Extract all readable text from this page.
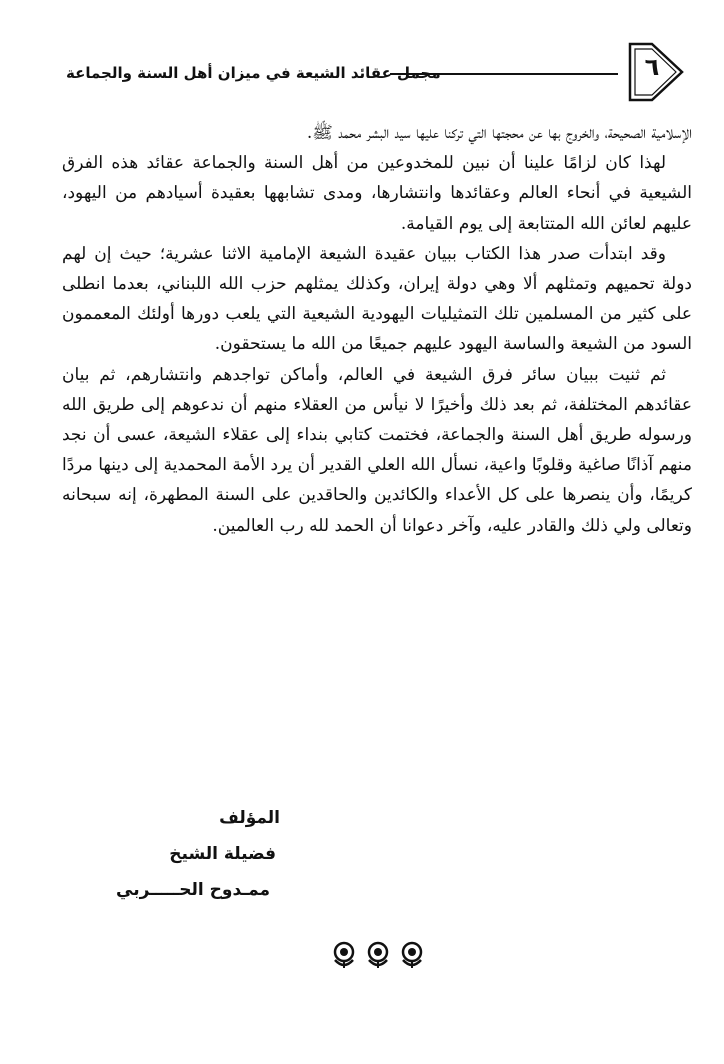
مجمل عقائد الشيعة في ميزان أهل السنة والجماعة	٦

الإسلامية الصحيحة، والخروج بها عن محجتها التي تركنا عليها سيد البشر محمد ﷺ.

لهذا كان لزامًا علينا أن نبين للمخدوعين من أهل السنة والجماعة عقائد هذه الفرق الشيعية في أنحاء العالم وعقائدها وانتشارها، ومدى تشابهها بعقيدة أسيادهم من اليهود، عليهم لعائن الله المتتابعة إلى يوم القيامة.

وقد ابتدأت صدر هذا الكتاب ببيان عقيدة الشيعة الإمامية الاثنا عشرية؛ حيث إن لهم دولة تحميهم وتمثلهم ألا وهي دولة إيران، وكذلك يمثلهم حزب الله اللبناني، بعدما انطلى على كثير من المسلمين تلك التمثيليات اليهودية الشيعية التي يلعب دورها أولئك المعممون السود من الشيعة والساسة اليهود عليهم جميعًا من الله ما يستحقون.

ثم ثنيت ببيان سائر فرق الشيعة في العالم، وأماكن تواجدهم وانتشارهم، ثم بيان عقائدهم المختلفة، ثم بعد ذلك وأخيرًا لا نيأس من العقلاء منهم أن ندعوهم إلى طريق الله ورسوله طريق أهل السنة والجماعة، فختمت كتابي بنداء إلى عقلاء الشيعة، عسى أن نجد منهم آذانًا صاغية وقلوبًا واعية، نسأل الله العلي القدير أن يرد الأمة المحمدية إلى دينها مردًا كريمًا، وأن ينصرها على كل الأعداء والكائدين والحاقدين على السنة المطهرة، إنه سبحانه وتعالى ولي ذلك والقادر عليه، وآخر دعوانا أن الحمد لله رب العالمين.

المؤلف
فضيلة الشيخ
ممـدوح الحـــــربي
